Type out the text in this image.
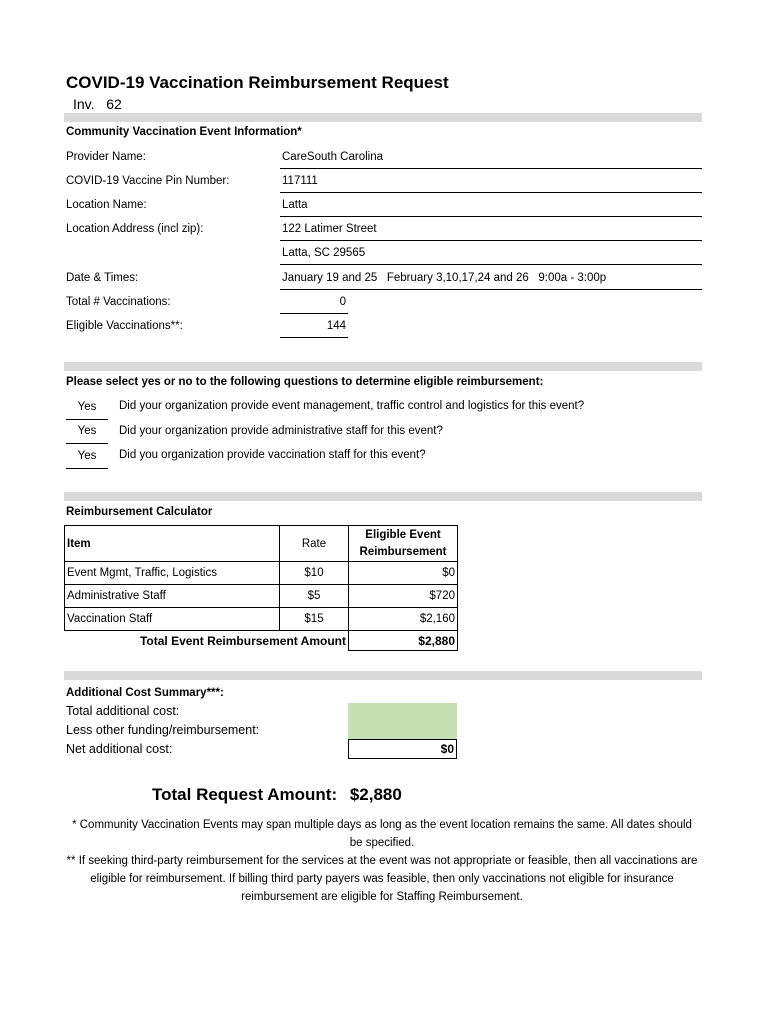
COVID-19 Vaccination Reimbursement Request
Inv.   62
Community Vaccination Event Information*
Provider Name:	CareSouth Carolina
COVID-19 Vaccine Pin Number:	117111
Location Name:	Latta
Location Address (incl zip):	122 Latimer Street
Latta, SC 29565
Date & Times:	January 19 and 25   February 3,10,17,24 and 26   9:00a - 3:00p
Total # Vaccinations:	0
Eligible Vaccinations**:	144
Please select yes or no to the following questions to determine eligible reimbursement:
Yes	Did your organization provide event management, traffic control and logistics for this event?
Yes	Did your organization provide administrative staff for this event?
Yes	Did you organization provide vaccination staff for this event?
Reimbursement Calculator
Item	Rate	Eligible Event
Reimbursement

Event Mgmt, Traffic, Logistics	$10	$0
Administrative Staff	$5	$720
Vaccination Staff	$15	$2,160
Total Event Reimbursement Amount		$2,880
Additional Cost Summary***:
Total additional cost:
Less other funding/reimbursement:
Net additional cost:	$0
Total Request Amount: $2,880
* Community Vaccination Events may span multiple days as long as the event location remains the same. All dates should be specified.
** If seeking third-party reimbursement for the services at the event was not appropriate or feasible, then all vaccinations are eligible for reimbursement. If billing third party payers was feasible, then only vaccinations not eligible for insurance reimbursement are eligible for Staffing Reimbursement.
